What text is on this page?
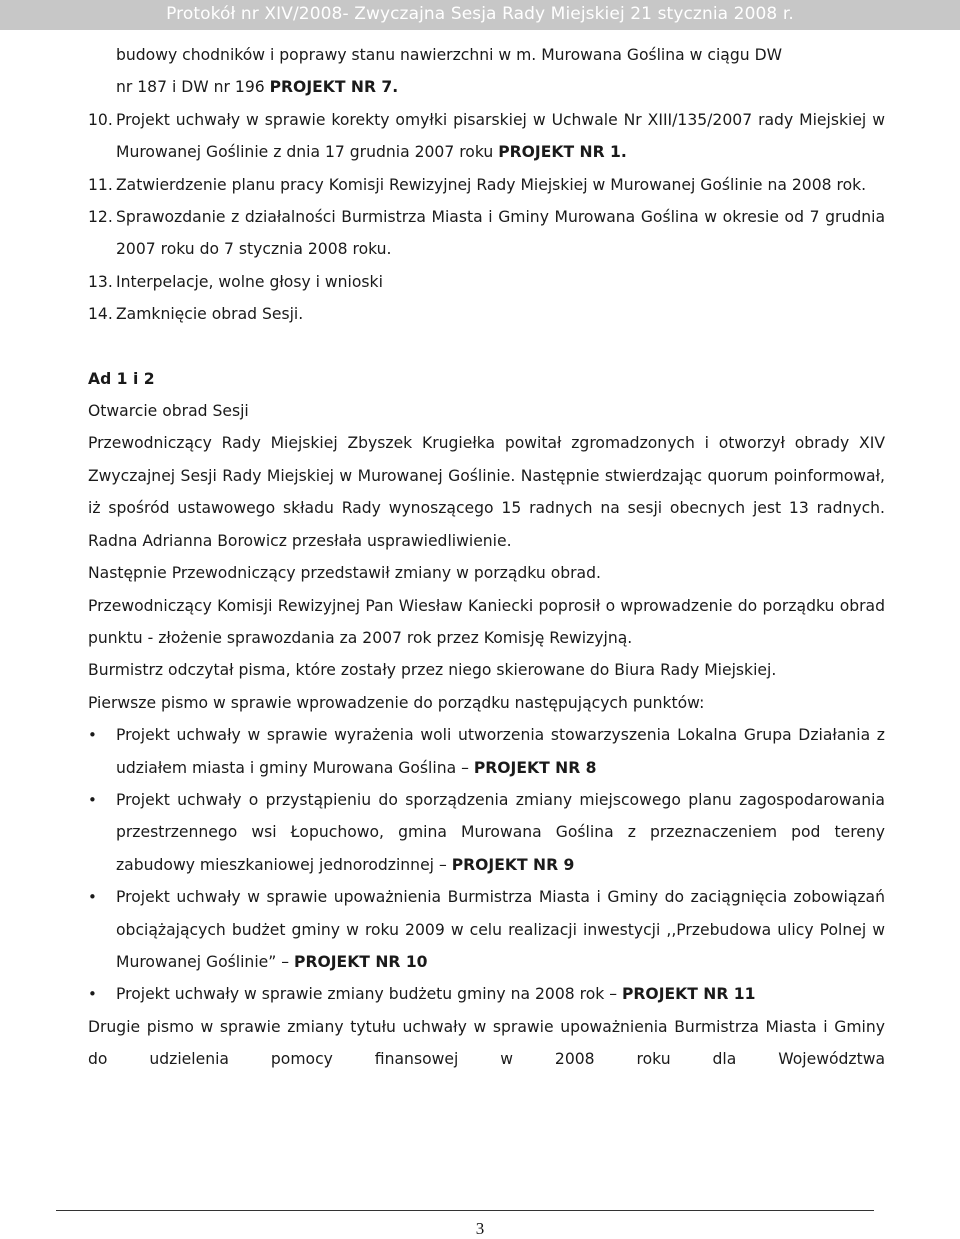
Protokół nr XIV/2008- Zwyczajna Sesja Rady Miejskiej 21 stycznia 2008 r.
budowy chodników i poprawy stanu nawierzchni w m. Murowana Goślina w ciągu DW
nr 187 i DW nr 196 PROJEKT NR 7.
10. Projekt uchwały w sprawie korekty omyłki pisarskiej w Uchwale Nr XIII/135/2007 rady Miejskiej w Murowanej Goślinie z dnia 17 grudnia 2007 roku PROJEKT NR 1.
11. Zatwierdzenie planu pracy Komisji Rewizyjnej Rady Miejskiej w Murowanej Goślinie na 2008 rok.
12. Sprawozdanie z działalności Burmistrza Miasta i Gminy Murowana Goślina w okresie od 7 grudnia 2007 roku do 7 stycznia 2008 roku.
13. Interpelacje, wolne głosy i wnioski
14. Zamknięcie obrad Sesji.
Ad 1 i 2
Otwarcie obrad Sesji
Przewodniczący Rady Miejskiej Zbyszek Krugiełka powitał zgromadzonych i otworzył obrady XIV Zwyczajnej Sesji Rady Miejskiej w Murowanej Goślinie. Następnie stwierdzając quorum poinformował, iż spośród ustawowego składu Rady wynoszącego 15 radnych na sesji obecnych jest 13 radnych. Radna Adrianna Borowicz przesłała usprawiedliwienie.
Następnie Przewodniczący przedstawił zmiany w porządku obrad.
Przewodniczący Komisji Rewizyjnej Pan Wiesław Kaniecki poprosił o wprowadzenie do porządku obrad punktu - złożenie sprawozdania za 2007 rok przez Komisję Rewizyjną.
Burmistrz odczytał pisma, które zostały przez niego skierowane do Biura Rady Miejskiej.
Pierwsze pismo w sprawie wprowadzenie do porządku następujących punktów:
•	Projekt uchwały w sprawie wyrażenia woli utworzenia stowarzyszenia Lokalna Grupa Działania z udziałem miasta i gminy Murowana Goślina – PROJEKT NR 8
•	Projekt uchwały o przystąpieniu do sporządzenia zmiany miejscowego planu zagospodarowania przestrzennego wsi Łopuchowo, gmina Murowana Goślina z przeznaczeniem pod tereny zabudowy mieszkaniowej jednorodzinnej – PROJEKT NR 9
•	Projekt uchwały w sprawie upoważnienia Burmistrza Miasta i Gminy do zaciągnięcia zobowiązań obciążających budżet gminy w roku 2009 w celu realizacji inwestycji ,,Przebudowa ulicy Polnej w Murowanej Goślinie” – PROJEKT NR 10
•	Projekt uchwały w sprawie zmiany budżetu gminy na 2008 rok – PROJEKT NR 11
Drugie pismo w sprawie zmiany tytułu uchwały w sprawie upoważnienia Burmistrza Miasta i Gminy do udzielenia pomocy finansowej w 2008 roku dla Województwa
3
